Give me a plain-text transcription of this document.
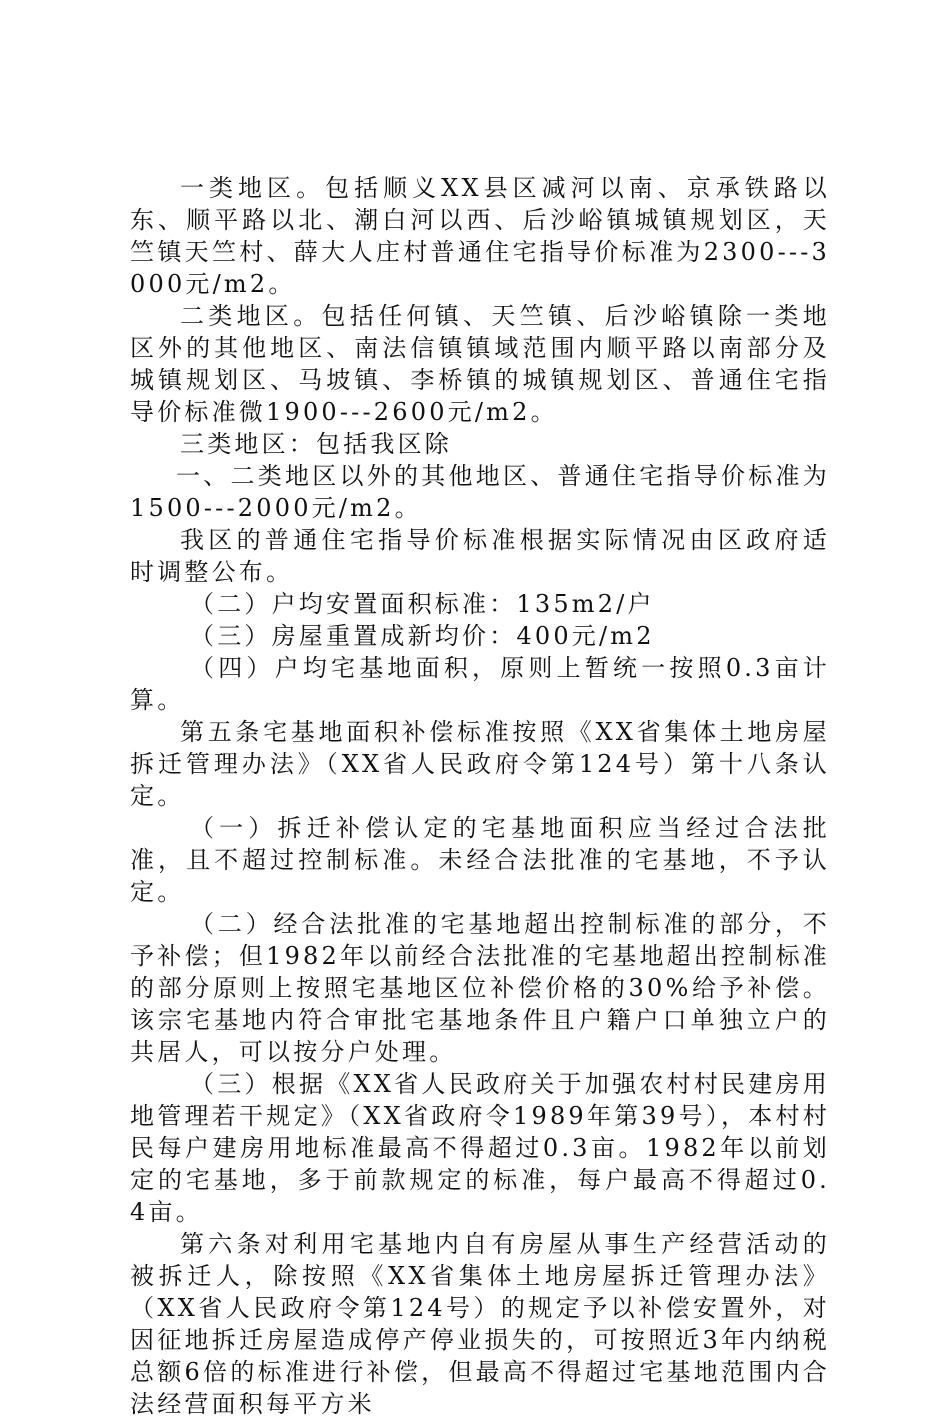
一类地区。包括顺义XX县区减河以南、京承铁路以东、顺平路以北、潮白河以西、后沙峪镇城镇规划区，天竺镇天竺村、薛大人庄村普通住宅指导价标准为2300---3000元/m2。

二类地区。包括任何镇、天竺镇、后沙峪镇除一类地区外的其他地区、南法信镇镇域范围内顺平路以南部分及城镇规划区、马坡镇、李桥镇的城镇规划区、普通住宅指导价标准微1900---2600元/m2。

三类地区：包括我区除

一、二类地区以外的其他地区、普通住宅指导价标准为1500---2000元/m2。

我区的普通住宅指导价标准根据实际情况由区政府适时调整公布。

（二）户均安置面积标准：135m2/户

（三）房屋重置成新均价：400元/m2

（四）户均宅基地面积，原则上暂统一按照0.3亩计算。

第五条宅基地面积补偿标准按照《XX省集体土地房屋拆迁管理办法》（XX省人民政府令第124号）第十八条认定。

（一）拆迁补偿认定的宅基地面积应当经过合法批准，且不超过控制标准。未经合法批准的宅基地，不予认定。

（二）经合法批准的宅基地超出控制标准的部分，不予补偿；但1982年以前经合法批准的宅基地超出控制标准的部分原则上按照宅基地区位补偿价格的30%给予补偿。该宗宅基地内符合审批宅基地条件且户籍户口单独立户的共居人，可以按分户处理。

（三）根据《XX省人民政府关于加强农村村民建房用地管理若干规定》（XX省政府令1989年第39号），本村村民每户建房用地标准最高不得超过0.3亩。1982年以前划定的宅基地，多于前款规定的标准，每户最高不得超过0.4亩。

第六条对利用宅基地内自有房屋从事生产经营活动的被拆迁人，除按照《XX省集体土地房屋拆迁管理办法》（XX省人民政府令第124号）的规定予以补偿安置外，对因征地拆迁房屋造成停产停业损失的，可按照近3年内纳税总额6倍的标准进行补偿，但最高不得超过宅基地范围内合法经营面积每平方米
